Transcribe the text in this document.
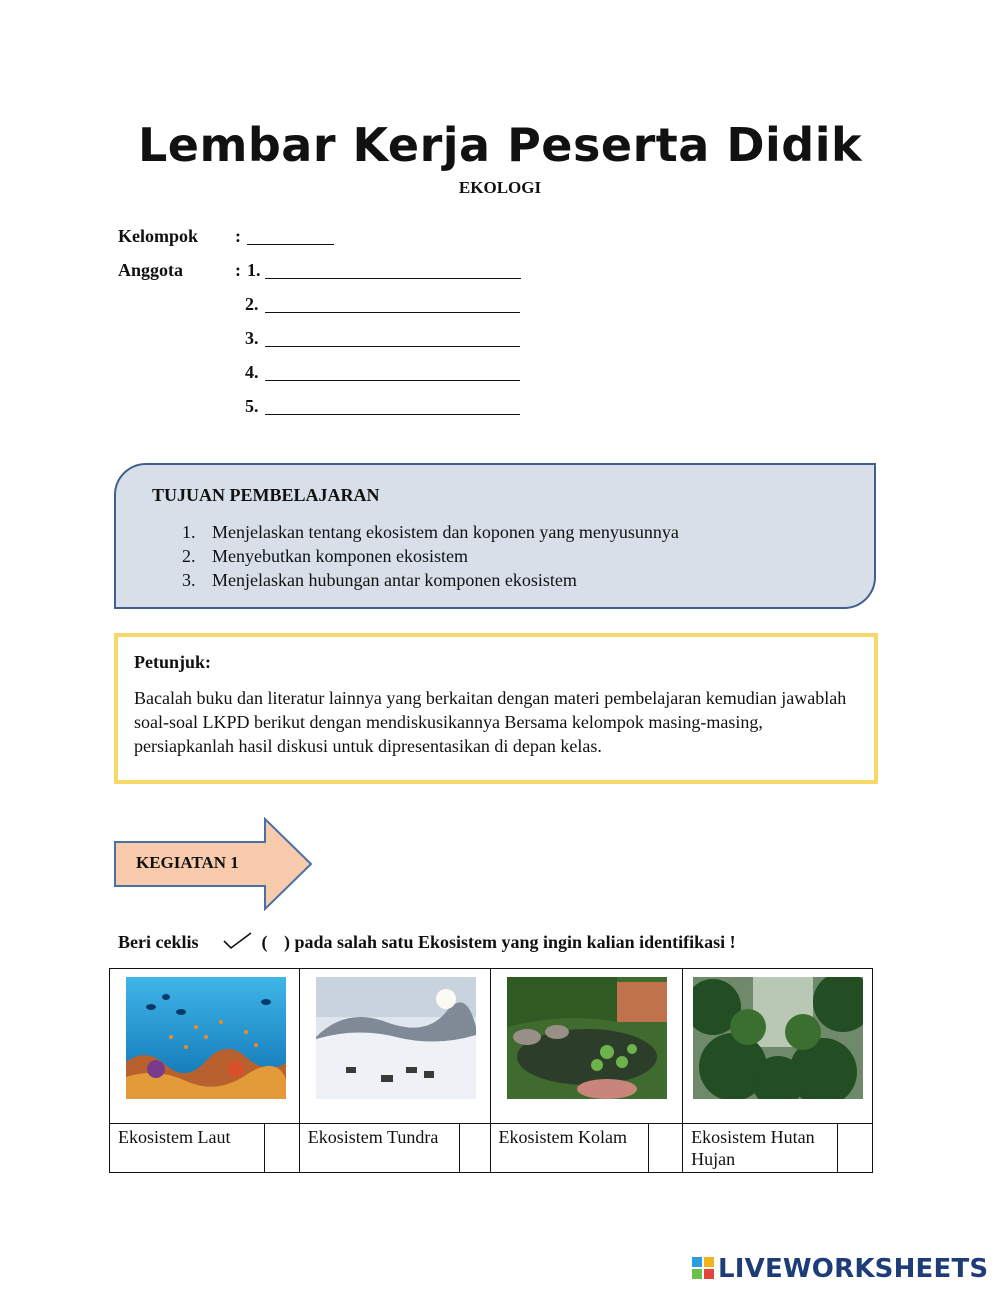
Lembar Kerja Peserta Didik
EKOLOGI
Kelompok :
Anggota	: 1.
2.
3.
4.
5.
TUJUAN PEMBELAJARAN
1. Menjelaskan tentang ekosistem dan koponen yang menyusunnya
2. Menyebutkan komponen ekosistem
3. Menjelaskan hubungan antar komponen ekosistem
Petunjuk:
Bacalah buku dan literatur lainnya yang berkaitan dengan materi pembelajaran kemudian jawablah soal-soal LKPD berikut dengan mendiskusikannya Bersama kelompok masing-masing, persiapkanlah hasil diskusi untuk dipresentasikan di depan kelas.
KEGIATAN 1
Beri ceklis	( ) pada salah satu Ekosistem yang ingin kalian identifikasi !

Ekosistem Laut		Ekosistem Tundra		Ekosistem Kolam		Ekosistem Hutan Hujan	
LIVEWORKSHEETS
